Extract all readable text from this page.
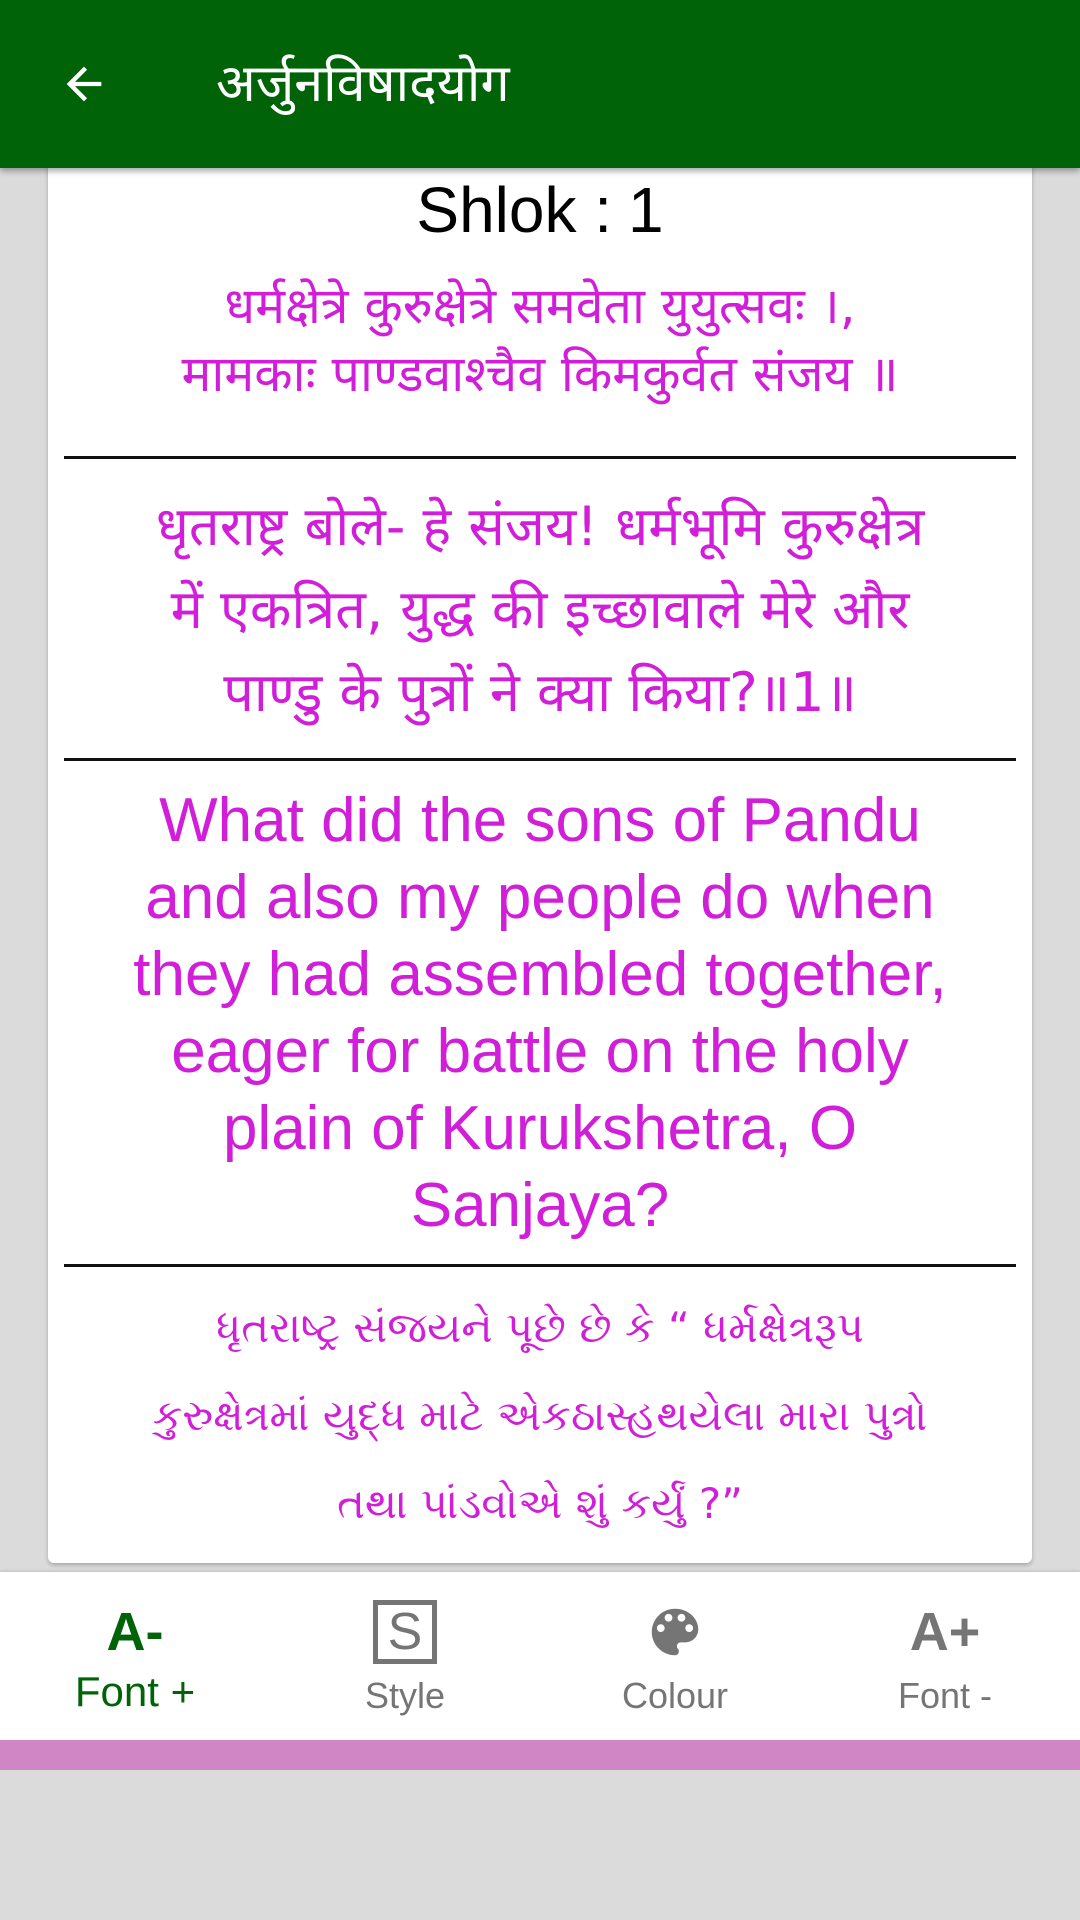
अर्जुनविषादयोग
Shlok : 1
धर्मक्षेत्रे कुरुक्षेत्रे समवेता युयुत्सवः ।,
मामकाः पाण्डवाश्चैव किमकुर्वत संजय ॥
धृतराष्ट्र बोले- हे संजय! धर्मभूमि कुरुक्षेत्र
में एकत्रित, युद्ध की इच्छावाले मेरे और
पाण्डु के पुत्रों ने क्या किया?॥1॥
What did the sons of Pandu
and also my people do when
they had assembled together,
eager for battle on the holy
plain of Kurukshetra, O
Sanjaya?
ધૃતરાષ્ટ્ર સંજયને પૂછે છે કે “ ધર્મક્ષેત્રરૂપ
કુરુક્ષેત્રમાં યુદ્ધ માટે એકઠાસ્હથયેલા મારા પુત્રો
તથા પાંડવોએ શું કર્યું ?”
A-
Font +
S
Style	Colour
A+
Font -
